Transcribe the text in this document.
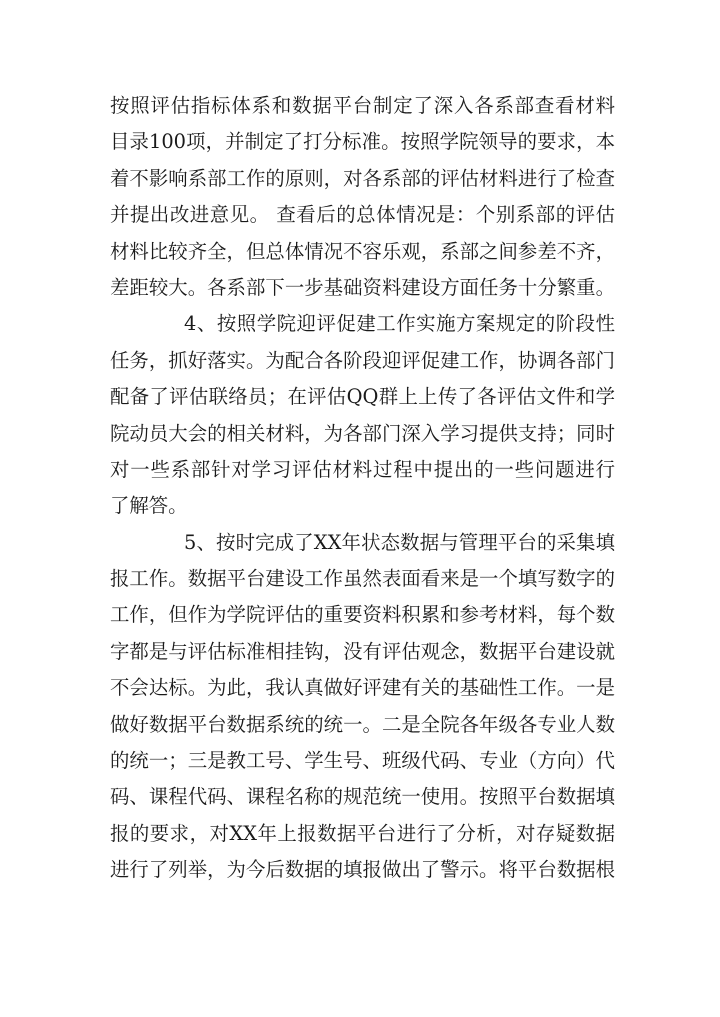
按照评估指标体系和数据平台制定了深入各系部查看材料
目录100项，并制定了打分标准。按照学院领导的要求，本
着不影响系部工作的原则，对各系部的评估材料进行了检查
并提出改进意见。 查看后的总体情况是：个别系部的评估
材料比较齐全，但总体情况不容乐观，系部之间参差不齐，
差距较大。各系部下一步基础资料建设方面任务十分繁重。
4、按照学院迎评促建工作实施方案规定的阶段性
任务，抓好落实。为配合各阶段迎评促建工作，协调各部门
配备了评估联络员；在评估QQ群上上传了各评估文件和学
院动员大会的相关材料，为各部门深入学习提供支持；同时
对一些系部针对学习评估材料过程中提出的一些问题进行
了解答。
5、按时完成了XX年状态数据与管理平台的采集填
报工作。数据平台建设工作虽然表面看来是一个填写数字的
工作，但作为学院评估的重要资料积累和参考材料，每个数
字都是与评估标准相挂钩，没有评估观念，数据平台建设就
不会达标。为此，我认真做好评建有关的基础性工作。一是
做好数据平台数据系统的统一。二是全院各年级各专业人数
的统一；三是教工号、学生号、班级代码、专业（方向）代
码、课程代码、课程名称的规范统一使用。按照平台数据填
报的要求，对XX年上报数据平台进行了分析，对存疑数据
进行了列举，为今后数据的填报做出了警示。将平台数据根
